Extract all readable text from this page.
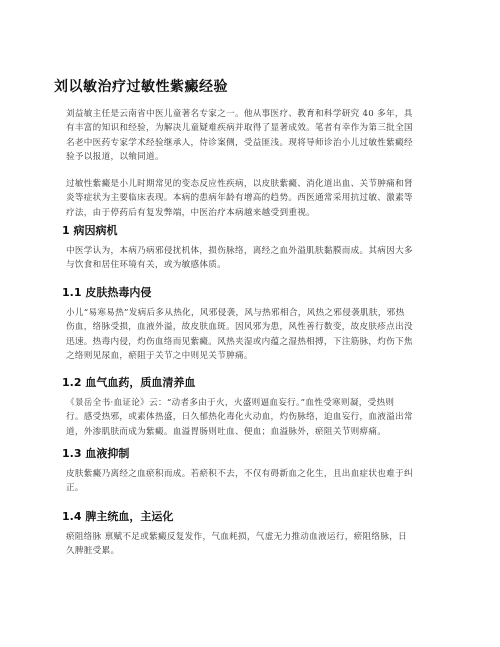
刘以敏治疗过敏性紫癜经验

刘益敏主任是云南省中医儿童著名专家之一。他从事医疗、教育和科学研究 40 多年，具
有丰富的知识和经验，为解决儿童疑难疾病并取得了显著成效。笔者有幸作为第三批全国
名老中医药专家学术经验继承人，侍诊案侧，受益匪浅。现将导师诊治小儿过敏性紫癜经
验予以报道，以飨同道。

过敏性紫癜是小儿时期常见的变态反应性疾病，以皮肤紫癜、消化道出血、关节肿痛和肾
炎等症状为主要临床表现。本病的患病年龄有增高的趋势。西医通常采用抗过敏、激素等
疗法，由于停药后有复发弊端，中医治疗本病越来越受到重视。

1 病因病机

中医学认为，本病乃病邪侵扰机体，损伤脉络，离经之血外溢肌肤黏膜而成。其病因大多
与饮食和居住环境有关，或为敏感体质。

1.1 皮肤热毒内侵

小儿“易寒易热”发病后多从热化，风邪侵袭，风与热邪相合，风热之邪侵袭肌肤，邪热
伤血，络脉受损，血液外溢，故皮肤血斑。因风邪为患，风性善行数变，故皮肤疹点出没
迅速。热毒内侵，灼伤血络而见紫癜。风热夹湿或内蕴之湿热相搏，下注筋脉，灼伤下焦
之络则见尿血，瘀阻于关节之中则见关节肿痛。

1.2 血气血药，质血清养血

《景岳全书·血证论》云：“动者多由于火，火盛则逼血妄行。”血性受寒则凝，受热则
行。感受热邪，或素体热盛，日久郁热化毒化火动血，灼伤脉络，迫血妄行，血液溢出常
道，外渗肌肤而成为紫癜。血溢胃肠则吐血、便血；血溢脉外，瘀阻关节则痹痛。

1.3 血液抑制

皮肤紫癜乃离经之血瘀积而成。若瘀积不去，不仅有碍新血之化生，且出血症状也难于纠
正。

1.4 脾主统血，主运化

瘀阻络脉 禀赋不足或紫癜反复发作，气血耗损，气虚无力推动血液运行，瘀阻络脉，日
久脾脏受累。
